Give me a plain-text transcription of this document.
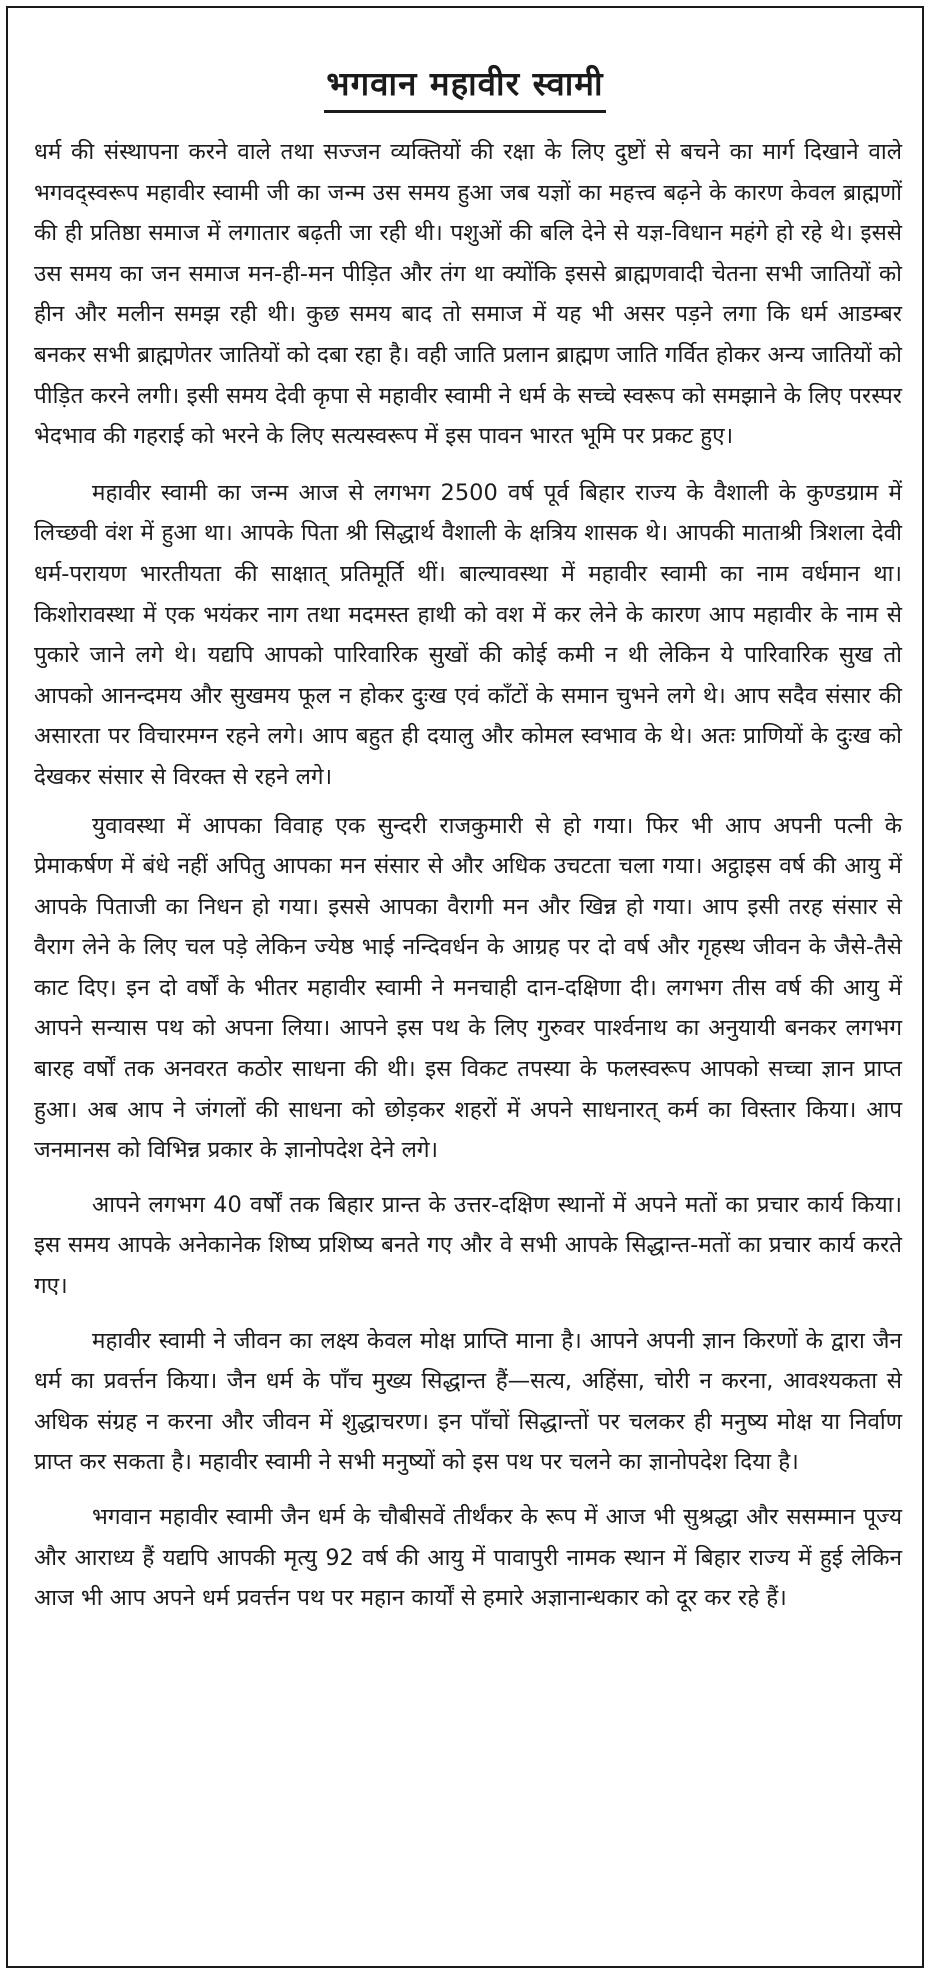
भगवान महावीर स्वामी

धर्म की संस्थापना करने वाले तथा सज्जन व्यक्तियों की रक्षा के लिए दुष्टों से बचने का मार्ग दिखाने वाले भगवद्स्वरूप महावीर स्वामी जी का जन्म उस समय हुआ जब यज्ञों का महत्त्व बढ़ने के कारण केवल ब्राह्मणों की ही प्रतिष्ठा समाज में लगातार बढ़ती जा रही थी। पशुओं की बलि देने से यज्ञ-विधान महंगे हो रहे थे। इससे उस समय का जन समाज मन-ही-मन पीड़ित और तंग था क्योंकि इससे ब्राह्मणवादी चेतना सभी जातियों को हीन और मलीन समझ रही थी। कुछ समय बाद तो समाज में यह भी असर पड़ने लगा कि धर्म आडम्बर बनकर सभी ब्राह्मणेतर जातियों को दबा रहा है। वही जाति प्रलान ब्राह्मण जाति गर्वित होकर अन्य जातियों को पीड़ित करने लगी। इसी समय देवी कृपा से महावीर स्वामी ने धर्म के सच्चे स्वरूप को समझाने के लिए परस्पर भेदभाव की गहराई को भरने के लिए सत्यस्वरूप में इस पावन भारत भूमि पर प्रकट हुए।

महावीर स्वामी का जन्म आज से लगभग 2500 वर्ष पूर्व बिहार राज्य के वैशाली के कुण्डग्राम में लिच्छवी वंश में हुआ था। आपके पिता श्री सिद्धार्थ वैशाली के क्षत्रिय शासक थे। आपकी माताश्री त्रिशला देवी धर्म-परायण भारतीयता की साक्षात् प्रतिमूर्ति थीं। बाल्यावस्था में महावीर स्वामी का नाम वर्धमान था। किशोरावस्था में एक भयंकर नाग तथा मदमस्त हाथी को वश में कर लेने के कारण आप महावीर के नाम से पुकारे जाने लगे थे। यद्यपि आपको पारिवारिक सुखों की कोई कमी न थी लेकिन ये पारिवारिक सुख तो आपको आनन्दमय और सुखमय फूल न होकर दुःख एवं काँटों के समान चुभने लगे थे। आप सदैव संसार की असारता पर विचारमग्न रहने लगे। आप बहुत ही दयालु और कोमल स्वभाव के थे। अतः प्राणियों के दुःख को देखकर संसार से विरक्त से रहने लगे।

युवावस्था में आपका विवाह एक सुन्दरी राजकुमारी से हो गया। फिर भी आप अपनी पत्नी के प्रेमाकर्षण में बंधे नहीं अपितु आपका मन संसार से और अधिक उचटता चला गया। अट्ठाइस वर्ष की आयु में आपके पिताजी का निधन हो गया। इससे आपका वैरागी मन और खिन्न हो गया। आप इसी तरह संसार से वैराग लेने के लिए चल पड़े लेकिन ज्येष्ठ भाई नन्दिवर्धन के आग्रह पर दो वर्ष और गृहस्थ जीवन के जैसे-तैसे काट दिए। इन दो वर्षों के भीतर महावीर स्वामी ने मनचाही दान-दक्षिणा दी। लगभग तीस वर्ष की आयु में आपने सन्यास पथ को अपना लिया। आपने इस पथ के लिए गुरुवर पार्श्वनाथ का अनुयायी बनकर लगभग बारह वर्षों तक अनवरत कठोर साधना की थी। इस विकट तपस्या के फलस्वरूप आपको सच्चा ज्ञान प्राप्त हुआ। अब आप ने जंगलों की साधना को छोड़कर शहरों में अपने साधनारत् कर्म का विस्तार किया। आप जनमानस को विभिन्न प्रकार के ज्ञानोपदेश देने लगे।

आपने लगभग 40 वर्षों तक बिहार प्रान्त के उत्तर-दक्षिण स्थानों में अपने मतों का प्रचार कार्य किया। इस समय आपके अनेकानेक शिष्य प्रशिष्य बनते गए और वे सभी आपके सिद्धान्त-मतों का प्रचार कार्य करते गए।

महावीर स्वामी ने जीवन का लक्ष्य केवल मोक्ष प्राप्ति माना है। आपने अपनी ज्ञान किरणों के द्वारा जैन धर्म का प्रवर्त्तन किया। जैन धर्म के पाँच मुख्य सिद्धान्त हैं—सत्य, अहिंसा, चोरी न करना, आवश्यकता से अधिक संग्रह न करना और जीवन में शुद्धाचरण। इन पाँचों सिद्धान्तों पर चलकर ही मनुष्य मोक्ष या निर्वाण प्राप्त कर सकता है। महावीर स्वामी ने सभी मनुष्यों को इस पथ पर चलने का ज्ञानोपदेश दिया है।

भगवान महावीर स्वामी जैन धर्म के चौबीसवें तीर्थंकर के रूप में आज भी सुश्रद्धा और ससम्मान पूज्य और आराध्य हैं यद्यपि आपकी मृत्यु 92 वर्ष की आयु में पावापुरी नामक स्थान में बिहार राज्य में हुई लेकिन आज भी आप अपने धर्म प्रवर्त्तन पथ पर महान कार्यों से हमारे अज्ञानान्धकार को दूर कर रहे हैं।
